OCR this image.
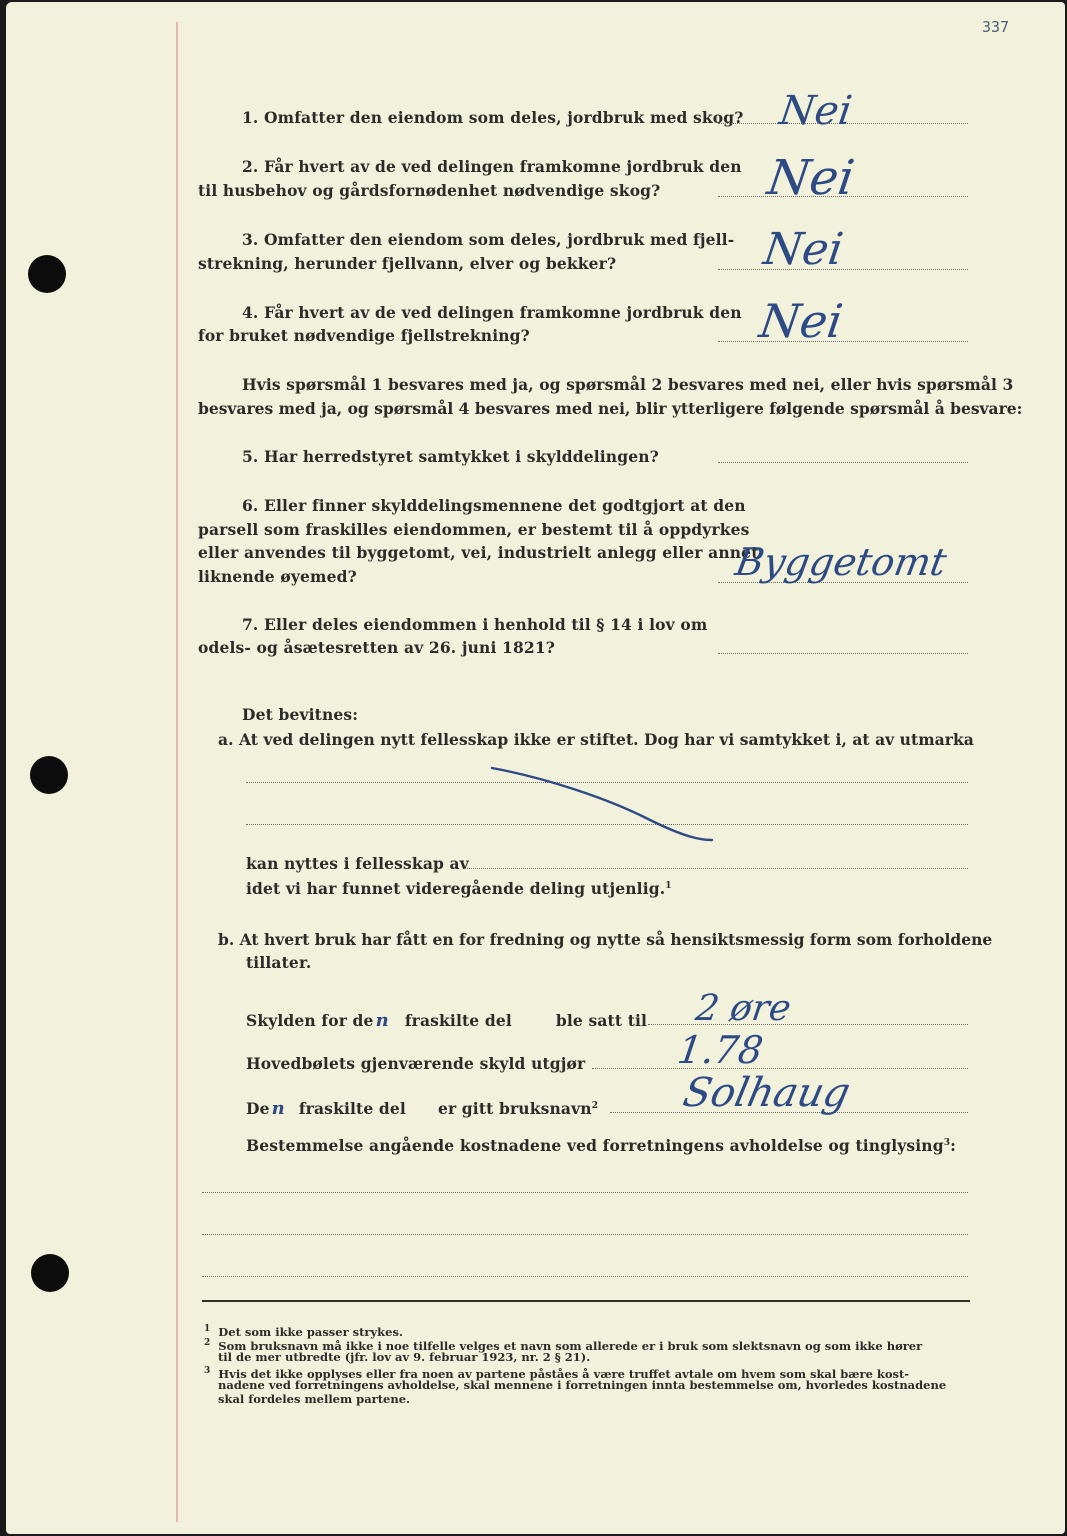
337
1. Omfatter den eiendom som deles, jordbruk med skog? Nei
2. Får hvert av de ved delingen framkomne jordbruk den
til husbehov og gårdsfornødenhet nødvendige skog? Nei
3. Omfatter den eiendom som deles, jordbruk med fjell-
strekning, herunder fjellvann, elver og bekker?	Nei
4. Får hvert av de ved delingen framkomne jordbruk den
for bruket nødvendige fjellstrekning?	Nei
Hvis spørsmål 1 besvares med ja, og spørsmål 2 besvares med nei, eller hvis spørsmål 3
besvares med ja, og spørsmål 4 besvares med nei, blir ytterligere følgende spørsmål å besvare:
5. Har herredstyret samtykket i skylddelingen?
6. Eller finner skylddelingsmennene det godtgjort at den
parsell som fraskilles eiendommen, er bestemt til å oppdyrkes
eller anvendes til byggetomt, vei, industrielt anlegg eller annet
liknende øyemed?	Byggetomt
7. Eller deles eiendommen i henhold til § 14 i lov om
odels- og åsætesretten av 26. juni 1821?
Det bevitnes:
a. At ved delingen nytt fellesskap ikke er stiftet. Dog har vi samtykket i, at av utmarka
kan nyttes i fellesskap av
idet vi har funnet videregående deling utjenlig.$^1$
b. At hvert bruk har fått en for fredning og nytte så hensiktsmessig form som forholdene
tillater.
Skylden for de n fraskilte del	ble satt til 2 øre
Hovedbølets gjenværende skyld utgjør 1.78
De n fraskilte del er gitt bruksnavn$^2$ Solhaug
Bestemmelse angående kostnadene ved forretningens avholdelse og tinglysing$^3$:
$^1$ Det som ikke passer strykes.
$^2$ Som bruksnavn må ikke i noe tilfelle velges et navn som allerede er i bruk som slektsnavn og som ikke hører
til de mer utbredte (jfr. lov av 9. februar 1923, nr. 2 § 21).
$^3$ Hvis det ikke opplyses eller fra noen av partene påståes å være truffet avtale om hvem som skal bære kost-
nadene ved forretningens avholdelse, skal mennene i forretningen innta bestemmelse om, hvorledes kostnadene
skal fordeles mellem partene.
